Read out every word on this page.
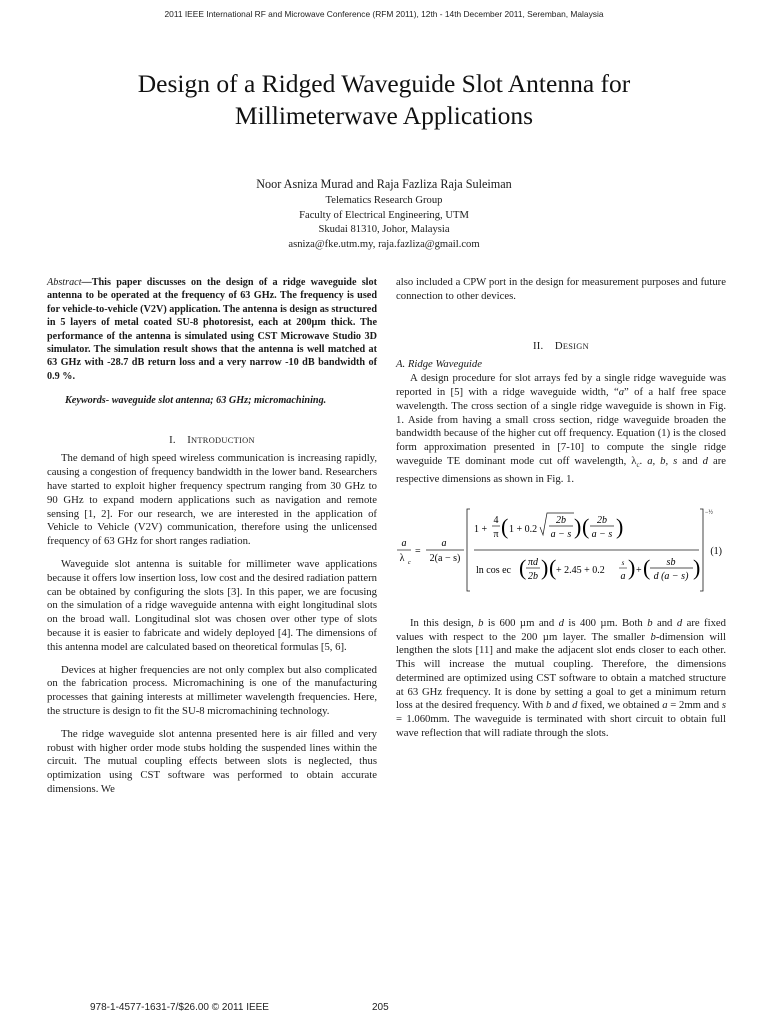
2011 IEEE International RF and Microwave Conference (RFM 2011), 12th - 14th December 2011, Seremban, Malaysia
Design of a Ridged Waveguide Slot Antenna for
Millimeterwave Applications
Noor Asniza Murad and Raja Fazliza Raja Suleiman
Telematics Research Group
Faculty of Electrical Engineering, UTM
Skudai 81310, Johor, Malaysia
asniza@fke.utm.my, raja.fazliza@gmail.com

Abstract—This paper discusses on the design of a ridge waveguide slot antenna to be operated at the frequency of 63 GHz. The frequency is used for vehicle-to-vehicle (V2V) application. The antenna is design as structured in 5 layers of metal coated SU-8 photoresist, each at 200µm thick. The performance of the antenna is simulated using CST Microwave Studio 3D simulator. The simulation result shows that the antenna is well matched at 63 GHz with -28.7 dB return loss and a very narrow -10 dB bandwidth of 0.9 %.

Keywords- waveguide slot antenna; 63 GHz; micromachining.

I. INTRODUCTION

The demand of high speed wireless communication is increasing rapidly, causing a congestion of frequency bandwidth in the lower band. Researchers have started to exploit higher frequency spectrum ranging from 30 GHz to 90 GHz to expand modern applications such as navigation and remote sensing [1, 2]. For our research, we are interested in the application of Vehicle to Vehicle (V2V) communication, therefore using the unlicensed frequency of 63 GHz for short ranges radiation.

Waveguide slot antenna is suitable for millimeter wave applications because it offers low insertion loss, low cost and the desired radiation pattern can be obtained by configuring the slots [3]. In this paper, we are focusing on the simulation of a ridge waveguide antenna with eight longitudinal slots on the broad wall. Longitudinal slot was chosen over other type of slots because it is easier to fabricate and widely deployed [4]. The dimensions of this antenna model are calculated based on theoretical formulas [5, 6].

Devices at higher frequencies are not only complex but also complicated on the fabrication process. Micromachining is one of the manufacturing processes that gaining interests at millimeter wavelength frequencies. Here, the structure is design to fit the SU-8 micromachining technology.

The ridge waveguide slot antenna presented here is air filled and very robust with higher order mode stubs holding the suspended lines within the circuit. The mutual coupling effects between slots is neglected, thus optimization using CST software was performed to obtain accurate dimensions. We

also included a CPW port in the design for measurement purposes and future connection to other devices.

II. DESIGN
A. Ridge Waveguide

A design procedure for slot arrays fed by a single ridge waveguide was reported in [5] with a ridge waveguide width, “a” of a half free space wavelength. The cross section of a single ridge waveguide is shown in Fig. 1. Aside from having a small cross section, ridge waveguide broaden the bandwidth because of the higher cut off frequency. Equation (1) is the closed form approximation presented in [7-10] to compute the single ridge waveguide TE dominant mode cut off wavelength, $\lambda_c$. a, b, s and d are respective dimensions as shown in Fig. 1.

a
λ c
=
a
2(a − s)
1 +
4
π ( 1 + 0.2
2b
a − s ) ( 2b
a − s )
ln cos ec ( πd
2b ) ( + 2.45 + 0.2
s
a ) + ( sb
d (a − s) )
−½
(1)

In this design, b is 600 µm and d is 400 µm. Both b and d are fixed values with respect to the 200 µm layer. The smaller b-dimension will lengthen the slots [11] and make the adjacent slot ends closer to each other. This will increase the mutual coupling. Therefore, the dimensions determined are optimized using CST software to obtain a matched structure at 63 GHz frequency. It is done by setting a goal to get a minimum return loss at the desired frequency. With b and d fixed, we obtained a = 2mm and s = 1.060mm. The waveguide is terminated with short circuit to obtain full wave reflection that will radiate through the slots.

978-1-4577-1631-7/$26.00 © 2011 IEEE	205
